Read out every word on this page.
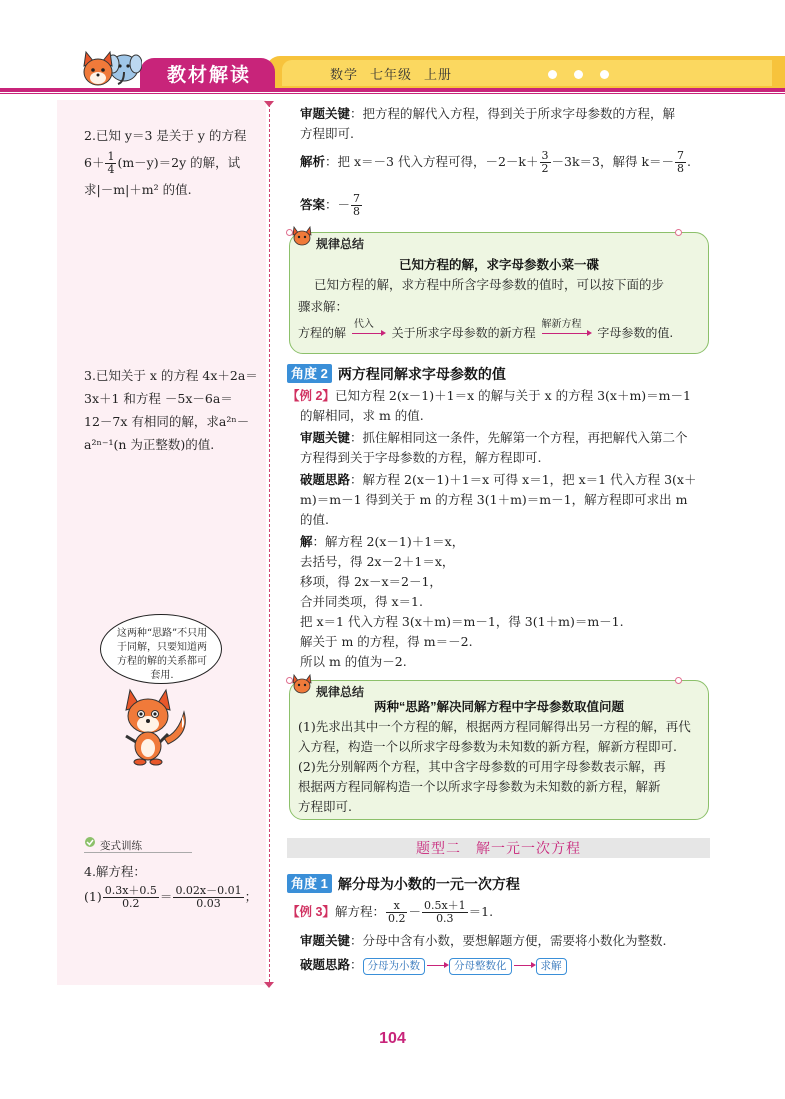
教材解读	数学 七年级 上册
2.已知 y＝3 是关于 y 的方程
$6+ \frac{1}{4} (m-y)=2y$ 的解，试
求|－m|＋m² 的值.
3.已知关于 x 的方程 4x＋2a＝
3x＋1 和方程 －5x－6a＝
12－7x 有相同的解，求a²ⁿ－
a²ⁿ⁻¹(n 为正整数)的值.
这两种“思路”不只用于同解，只要知道两方程的解的关系都可套用.
变式训练
4.解方程：
$(1) \frac{0.3x+0.5}{0.2} = \frac{0.02x-0.01}{0.03}$ ；
审题关键：把方程的解代入方程，得到关于所求字母参数的方程，解
方程即可.
解析：把 x＝－3 代入方程可得，$-2-k+ \frac{3}{2} -3k=3$，解得 $k=- \frac{7}{8}$ .
答案：－ $\frac{7}{8}$
规律总结
已知方程的解，求字母参数小菜一碟
已知方程的解，求方程中所含字母参数的值时，可以按下面的步
骤求解：
方程的解
代入
关于所求字母参数的新方程
解新方程
字母参数的值.
角度 2 两方程同解求字母参数的值
【例 2】已知方程 2(x－1)＋1＝x 的解与关于 x 的方程 3(x＋m)＝m－1
的解相同，求 m 的值.
审题关键：抓住解相同这一条件，先解第一个方程，再把解代入第二个
方程得到关于字母参数的方程，解方程即可.
破题思路：解方程 2(x－1)＋1＝x 可得 x＝1，把 x＝1 代入方程 3(x＋
m)＝m－1 得到关于 m 的方程 3(1＋m)＝m－1，解方程即可求出 m
的值.
解：解方程 2(x－1)＋1＝x，
去括号，得 2x－2＋1＝x，
移项，得 2x－x＝2－1，
合并同类项，得 x＝1.
把 x＝1 代入方程 3(x＋m)＝m－1，得 3(1＋m)＝m－1.
解关于 m 的方程，得 m＝－2.
所以 m 的值为－2.
规律总结
两种“思路”解决同解方程中字母参数取值问题
(1)先求出其中一个方程的解，根据两方程同解得出另一方程的解，再代
入方程，构造一个以所求字母参数为未知数的新方程，解新方程即可.
(2)先分别解两个方程，其中含字母参数的可用字母参数表示解，再
根据两方程同解构造一个以所求字母参数为未知数的新方程，解新
方程即可.
题型二　解一元一次方程
角度 1 解分母为小数的一元一次方程
【例 3】解方程： $\frac{x}{0.2} - \frac{0.5x+1}{0.3} =1$.
审题关键：分母中含有小数，要想解题方便，需要将小数化为整数.
破题思路： 分母为小数	分母整数化	求解
104
